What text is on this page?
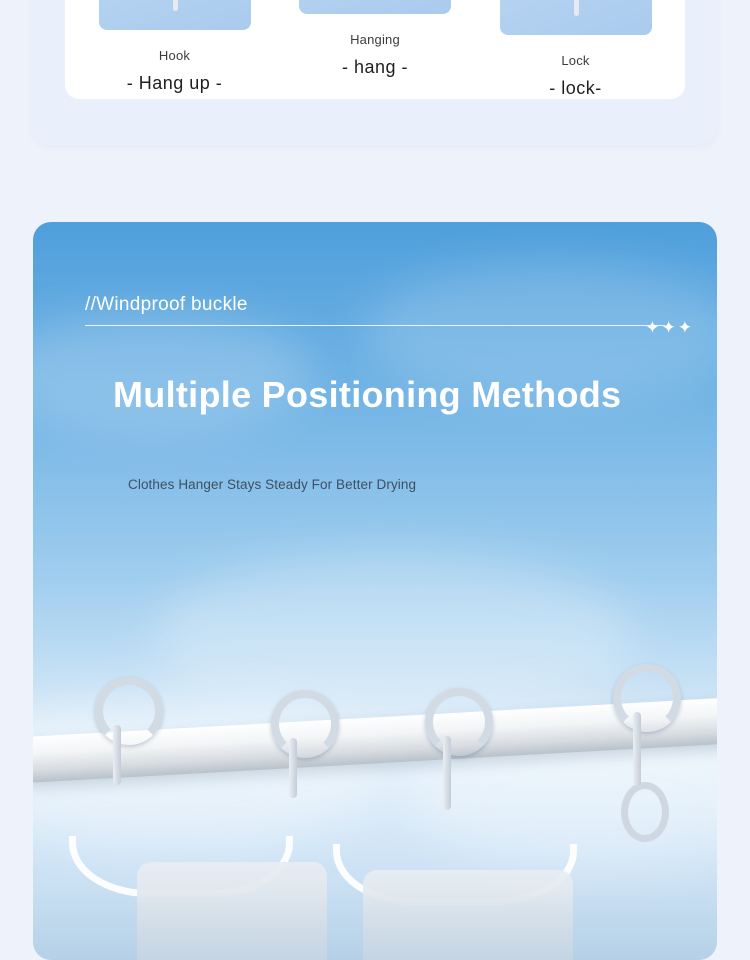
Hook
- Hang up -
Hanging
- hang -	Lock
- lock-
//Windproof buckle
✦✦✦
Multiple Positioning Methods
Clothes Hanger Stays Steady For Better Drying
